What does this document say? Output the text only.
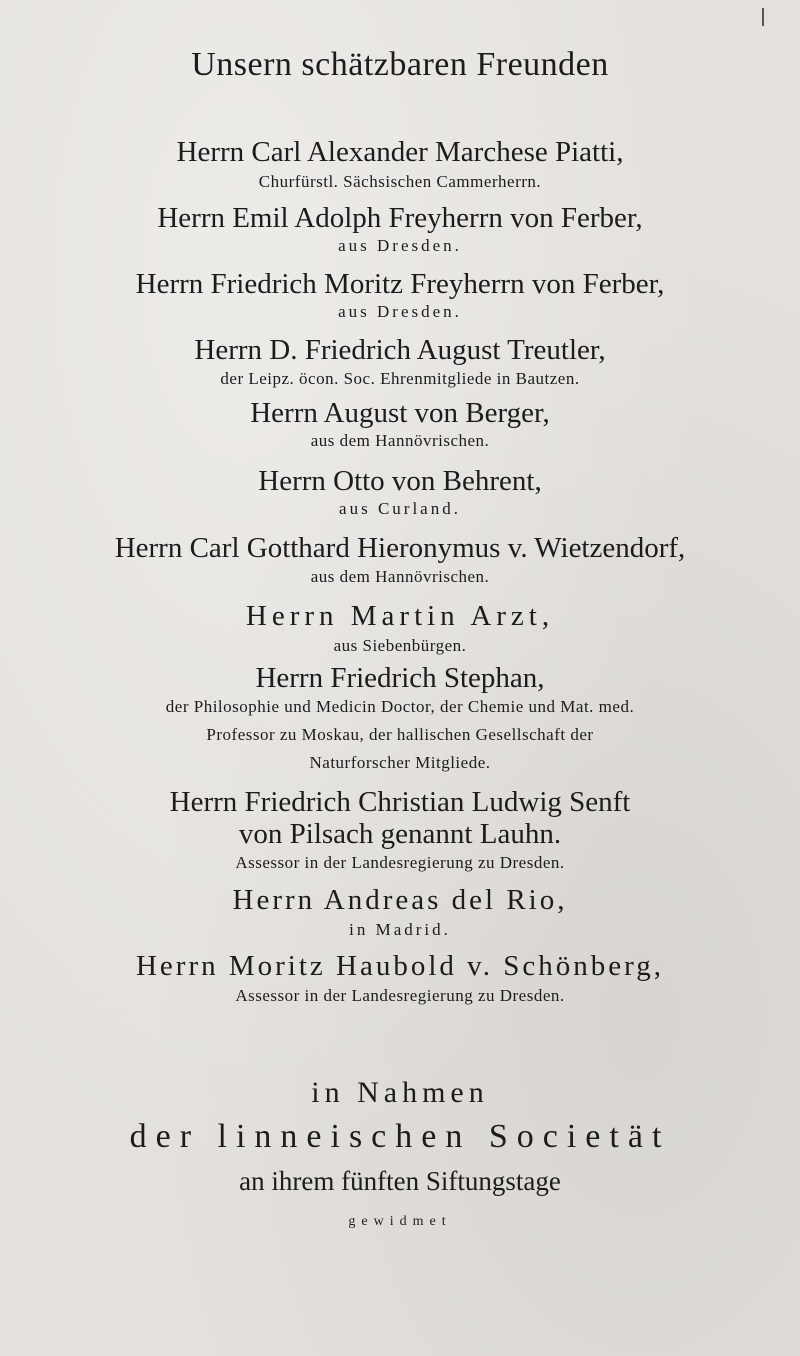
Unsern schätzbaren Freunden
Herrn Carl Alexander Marchese Piatti,
Churfürstl. Sächsischen Cammerherrn.
Herrn Emil Adolph Freyherrn von Ferber,
aus Dresden.
Herrn Friedrich Moritz Freyherrn von Ferber,
aus Dresden.
Herrn D. Friedrich August Treutler,
der Leipz. öcon. Soc. Ehrenmitgliede in Bautzen.
Herrn August von Berger,
aus dem Hannövrischen.
Herrn Otto von Behrent,
aus Curland.
Herrn Carl Gotthard Hieronymus v. Wietzendorf,
aus dem Hannövrischen.
Herrn Martin Arzt,
aus Siebenbürgen.
Herrn Friedrich Stephan,
der Philosophie und Medicin Doctor, der Chemie und Mat. med.
Professor zu Moskau, der hallischen Gesellschaft der
Naturforscher Mitgliede.
Herrn Friedrich Christian Ludwig Senft
von Pilsach genannt Lauhn.
Assessor in der Landesregierung zu Dresden.
Herrn Andreas del Rio,
in Madrid.
Herrn Moritz Haubold v. Schönberg,
Assessor in der Landesregierung zu Dresden.
in Nahmen
der linneischen Societät
an ihrem fünften Siftungstage
gewidmet
